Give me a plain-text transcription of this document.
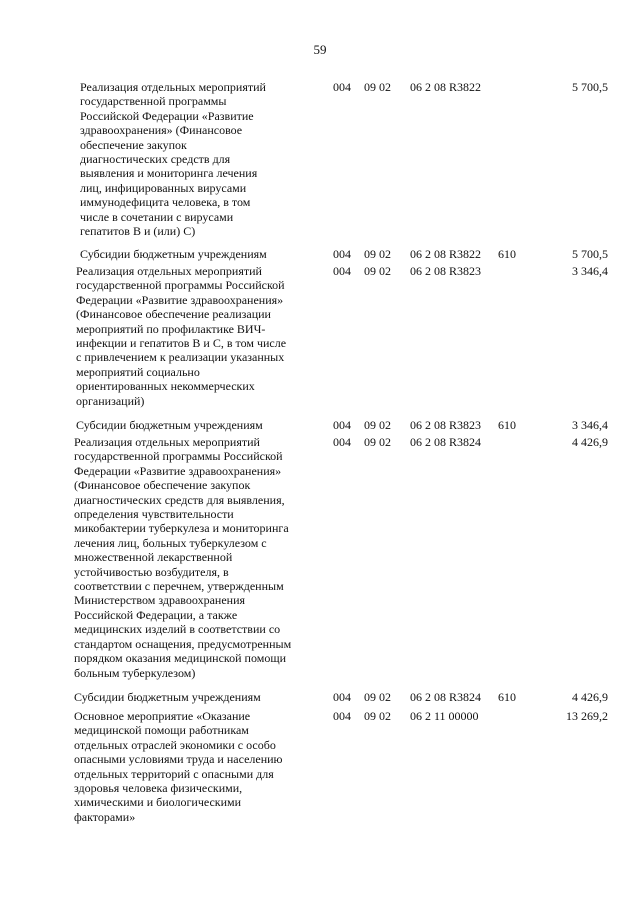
59
Реализация отдельных мероприятий
государственной программы
Российской Федерации «Развитие
здравоохранения» (Финансовое
обеспечение закупок
диагностических средств для
выявления и мониторинга лечения
лиц, инфицированных вирусами
иммунодефицита человека, в том
числе в сочетании с вирусами
гепатитов В и (или) С)
004 09 02 06 2 08 R3822	5 700,5
Субсидии бюджетным учреждениям	004 09 02 06 2 08 R3822 610	5 700,5
Реализация отдельных мероприятий
государственной программы Российской
Федерации «Развитие здравоохранения»
(Финансовое обеспечение реализации
мероприятий по профилактике ВИЧ-
инфекции и гепатитов В и С, в том числе
с привлечением к реализации указанных
мероприятий социально
ориентированных некоммерческих
организаций)
004 09 02 06 2 08 R3823	3 346,4
Субсидии бюджетным учреждениям	004 09 02 06 2 08 R3823 610	3 346,4
Реализация отдельных мероприятий
государственной программы Российской
Федерации «Развитие здравоохранения»
(Финансовое обеспечение закупок
диагностических средств для выявления,
определения чувствительности
микобактерии туберкулеза и мониторинга
лечения лиц, больных туберкулезом с
множественной лекарственной
устойчивостью возбудителя, в
соответствии с перечнем, утвержденным
Министерством здравоохранения
Российской Федерации, а также
медицинских изделий в соответствии со
стандартом оснащения, предусмотренным
порядком оказания медицинской помощи
больным туберкулезом)
004 09 02 06 2 08 R3824	4 426,9
Субсидии бюджетным учреждениям	004 09 02 06 2 08 R3824 610	4 426,9
Основное мероприятие «Оказание
медицинской помощи работникам
отдельных отраслей экономики с особо
опасными условиями труда и населению
отдельных территорий с опасными для
здоровья человека физическими,
химическими и биологическими
факторами»
004 09 02 06 2 11 00000	13 269,2
